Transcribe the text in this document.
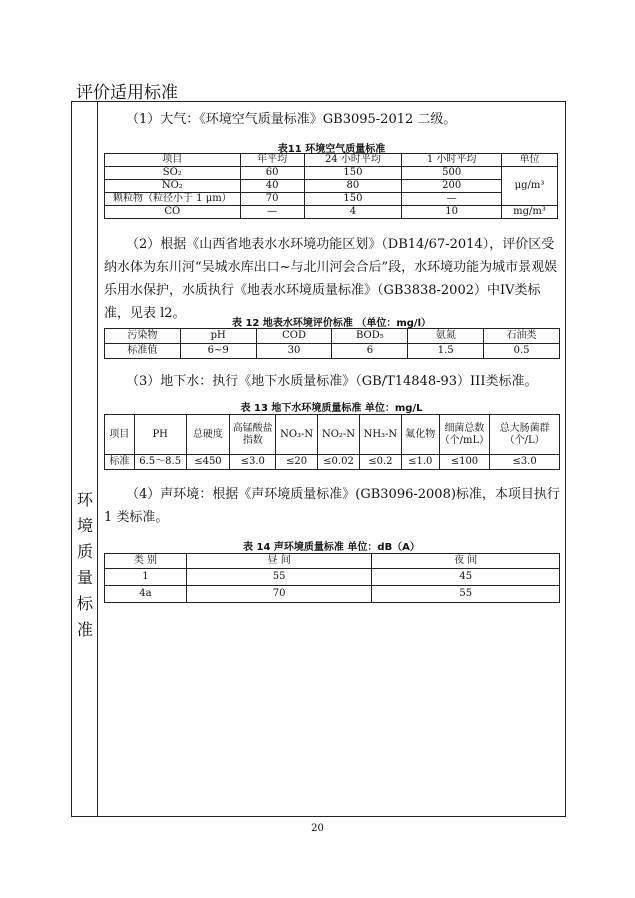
评价适用标准
环
境
质
量
标
准
（1）大气：《环境空气质量标准》GB3095-2012 二级。
表11 环境空气质量标准
项目	年平均	24 小时平均	1 小时平均	单位
SO₂	60	150	500	μg/m³
NO₂	40	80	200	
颗粒物（粒径小于 1 μm）	70	150	—	
CO	—	4	10	mg/m³
（2）根据《山西省地表水水环境功能区划》（DB14/67-2014），评价区受纳水体为东川河“吴城水库出口~与北川河会合后”段，水环境功能为城市景观娱乐用水保护，水质执行《地表水环境质量标准》（GB3838-2002）中IV类标准，见表 l2。
表 12 地表水环境评价标准 （单位：mg/l）
污染物	pH	COD	BOD₅	氨氮	石油类
标准值	6~9	30	6	1.5	0.5
（3）地下水：执行《地下水质量标准》（GB/T14848-93）III类标准。
表 13 地下水环境质量标准 单位：mg/L
项目	PH	总硬度	高锰酸盐指数	NO₃-N	NO₂-N	NH₃-N	氟化物	细菌总数（个/mL）	总大肠菌群（个/L）
标准	6.5～8.5	≤450	≤3.0	≤20	≤0.02	≤0.2	≤1.0	≤100	≤3.0
（4）声环境：根据《声环境质量标准》(GB3096-2008)标准，本项目执行 1 类标准。
表 14 声环境质量标准 单位：dB（A）
类 别	昼 间	夜 间
1	55	45
4a	70	55
20
